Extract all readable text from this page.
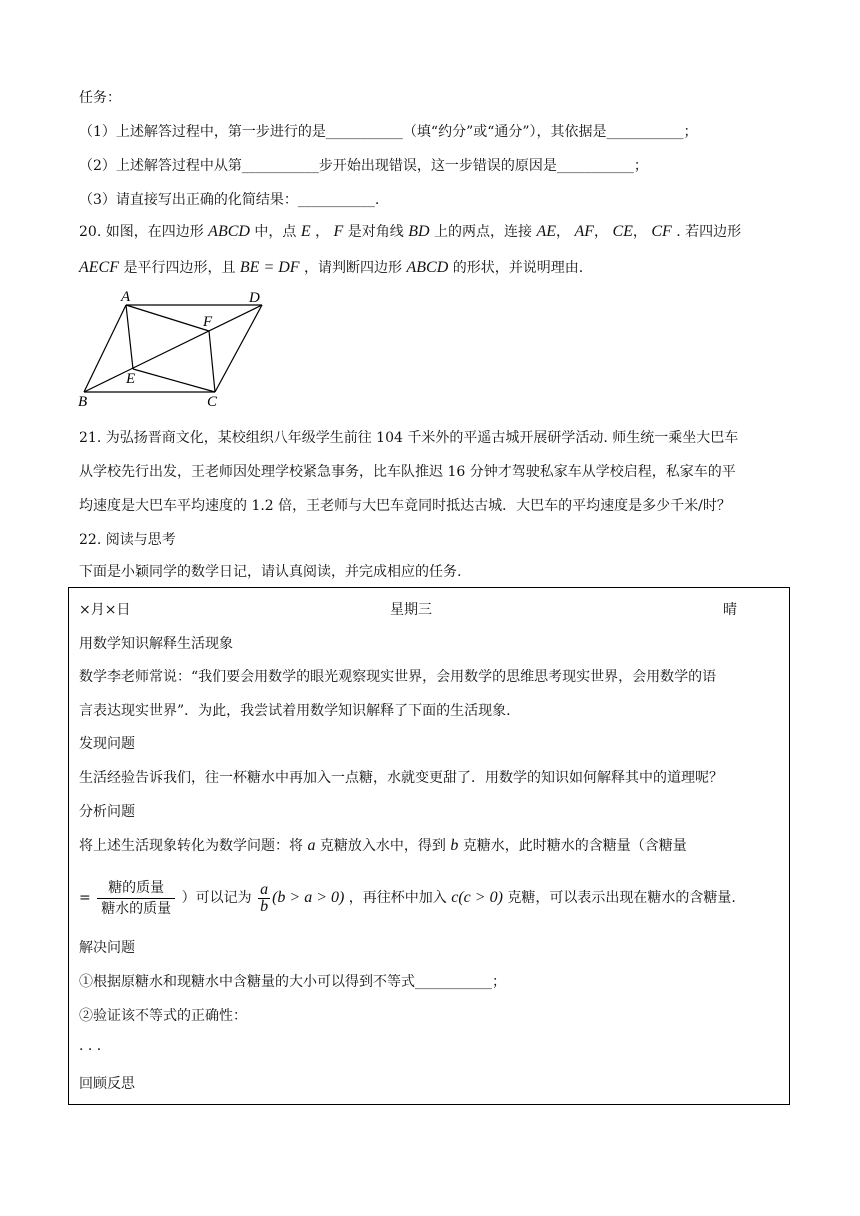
任务：
（1）上述解答过程中，第一步进行的是___________（填“约分”或“通分”），其依据是___________；
（2）上述解答过程中从第___________步开始出现错误，这一步错误的原因是___________；
（3）请直接写出正确的化简结果：___________.
20. 如图，在四边形 ABCD 中，点 E ， F 是对角线 BD 上的两点，连接 AE， AF， CE， CF . 若四边形
AECF 是平行四边形，且 BE = DF ，请判断四边形 ABCD 的形状，并说明理由.
A	D
F
E
B	C
21. 为弘扬晋商文化，某校组织八年级学生前往 104 千米外的平遥古城开展研学活动. 师生统一乘坐大巴车
从学校先行出发，王老师因处理学校紧急事务，比车队推迟 16 分钟才驾驶私家车从学校启程，私家车的平
均速度是大巴车平均速度的 1.2 倍，王老师与大巴车竟同时抵达古城．大巴车的平均速度是多少千米/时？
22. 阅读与思考
下面是小颖同学的数学日记，请认真阅读，并完成相应的任务.
×月×日	星期三	晴
用数学知识解释生活现象
数学李老师常说：“我们要会用数学的眼光观察现实世界，会用数学的思维思考现实世界，会用数学的语
言表达现实世界”．为此，我尝试着用数学知识解释了下面的生活现象.
发现问题
生活经验告诉我们，往一杯糖水中再加入一点糖，水就变更甜了．用数学的知识如何解释其中的道理呢？
分析问题
将上述生活现象转化为数学问题：将 a 克糖放入水中，得到 b 克糖水，此时糖水的含糖量（含糖量
= $\frac{\text{糖的质量}}{\text{糖水的质量}}$ ）可以记为 $\frac{a}{b} (b > a > 0)$ ，再往杯中加入 c(c > 0) 克糖，可以表示出现在糖水的含糖量.
解决问题
①根据原糖水和现糖水中含糖量的大小可以得到不等式___________；
②验证该不等式的正确性：
· · ·
回顾反思
